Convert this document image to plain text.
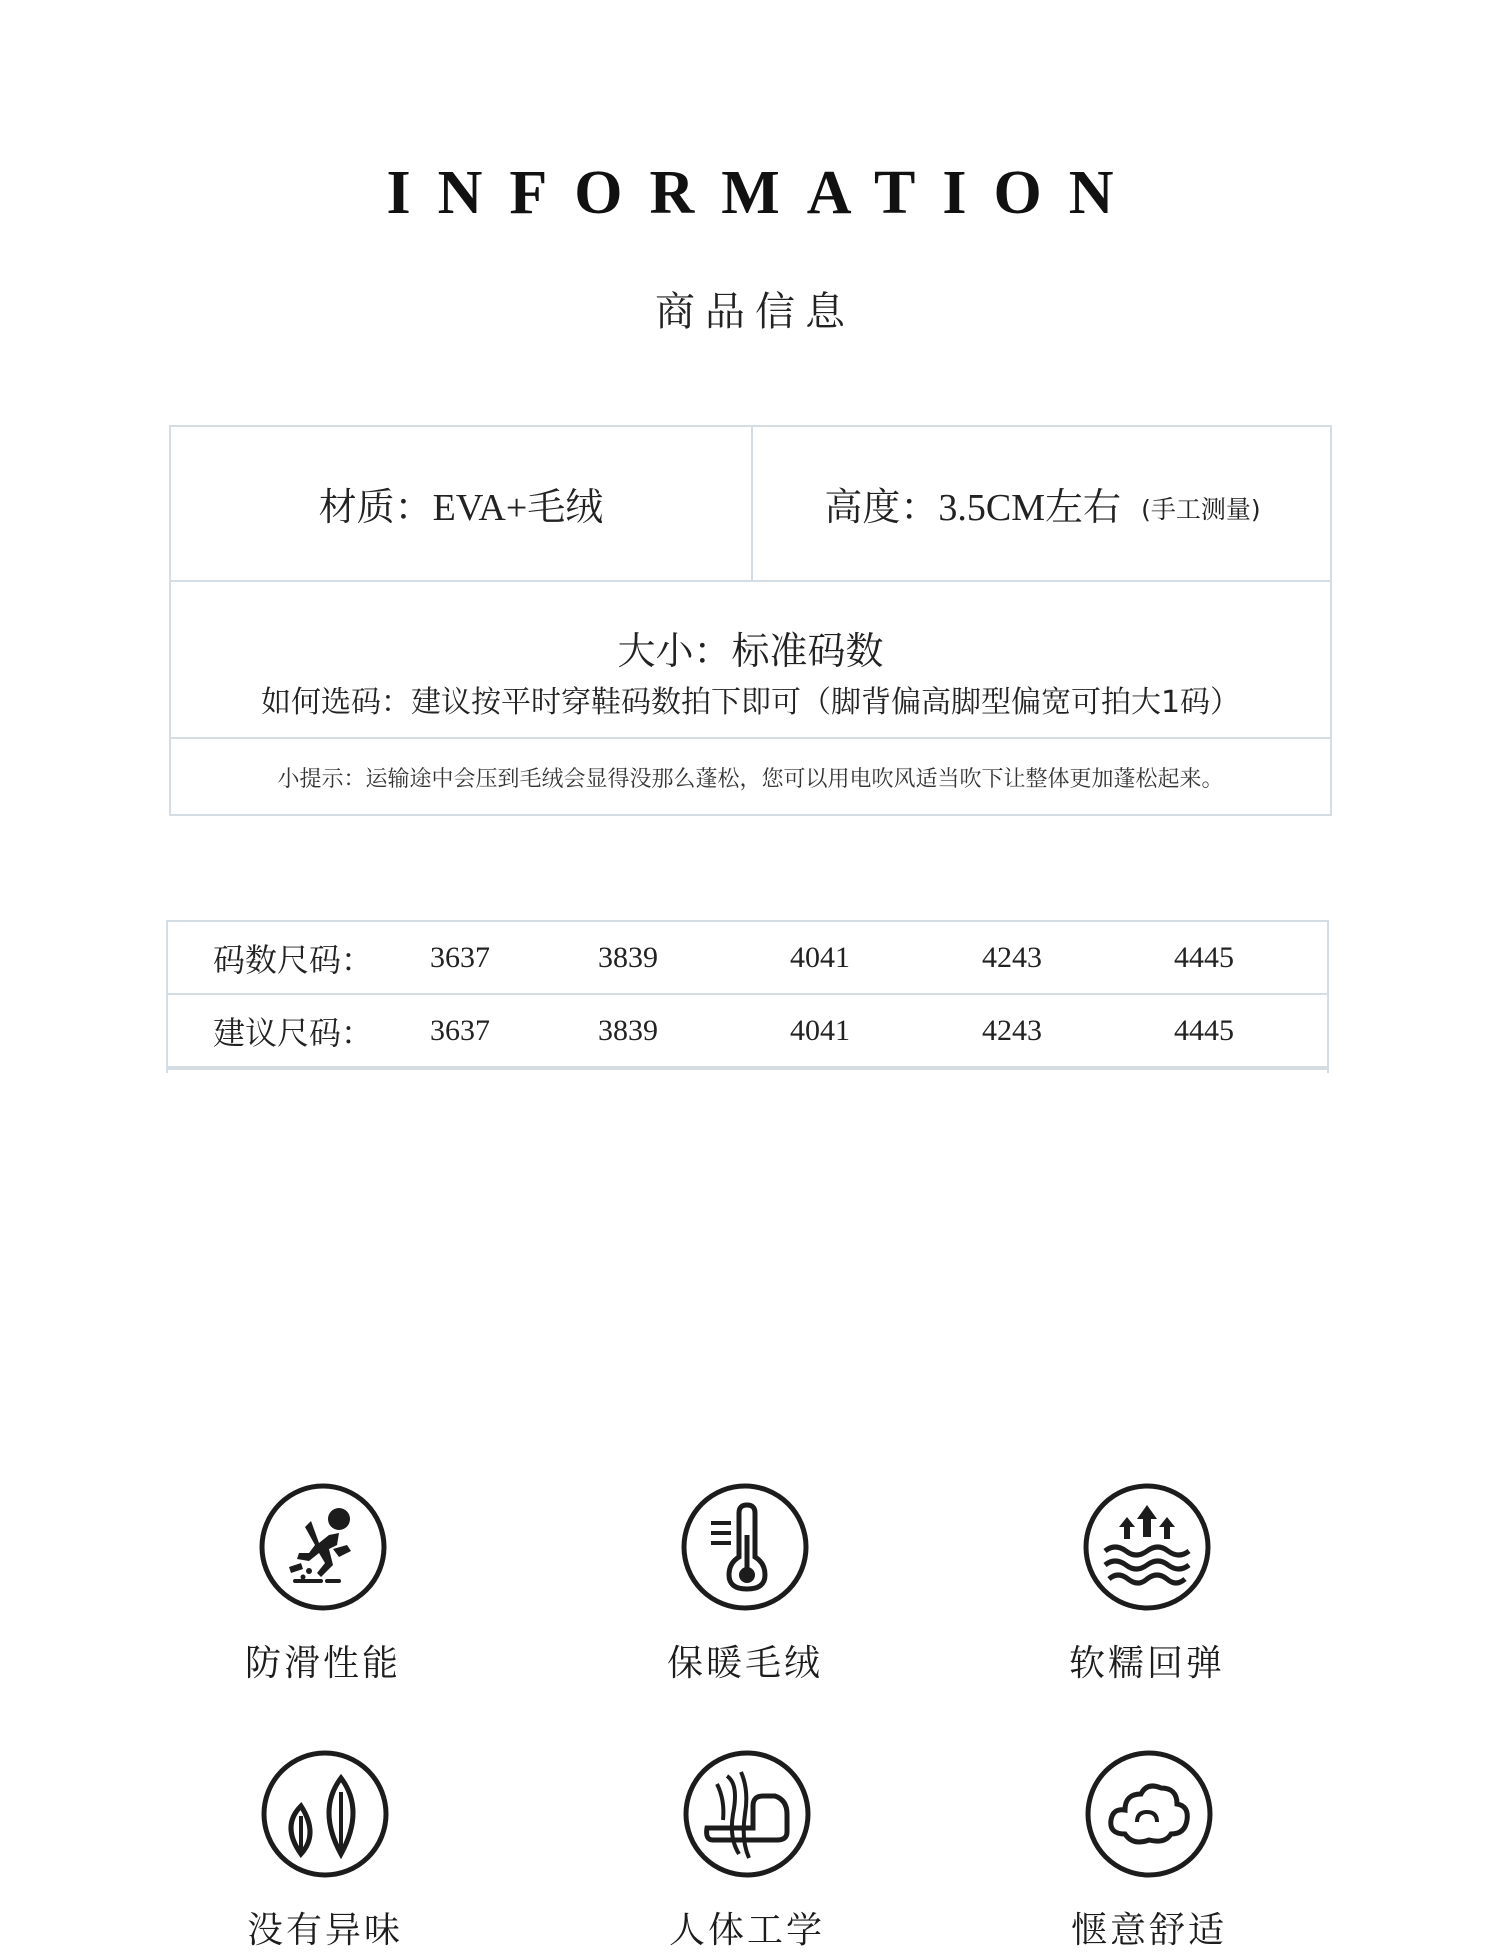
INFORMATION
商品信息
材质：EVA+毛绒	高度：3.5CM左右 (手工测量)
大小：标准码数
如何选码：建议按平时穿鞋码数拍下即可（脚背偏高脚型偏宽可拍大1码）
小提示：运输途中会压到毛绒会显得没那么蓬松，您可以用电吹风适当吹下让整体更加蓬松起来。
码数尺码： 3637	3839	4041	4243	4445
建议尺码： 3637	3839	4041	4243	4445
防滑性能	保暖毛绒	软糯回弹
没有异味	人体工学	惬意舒适
